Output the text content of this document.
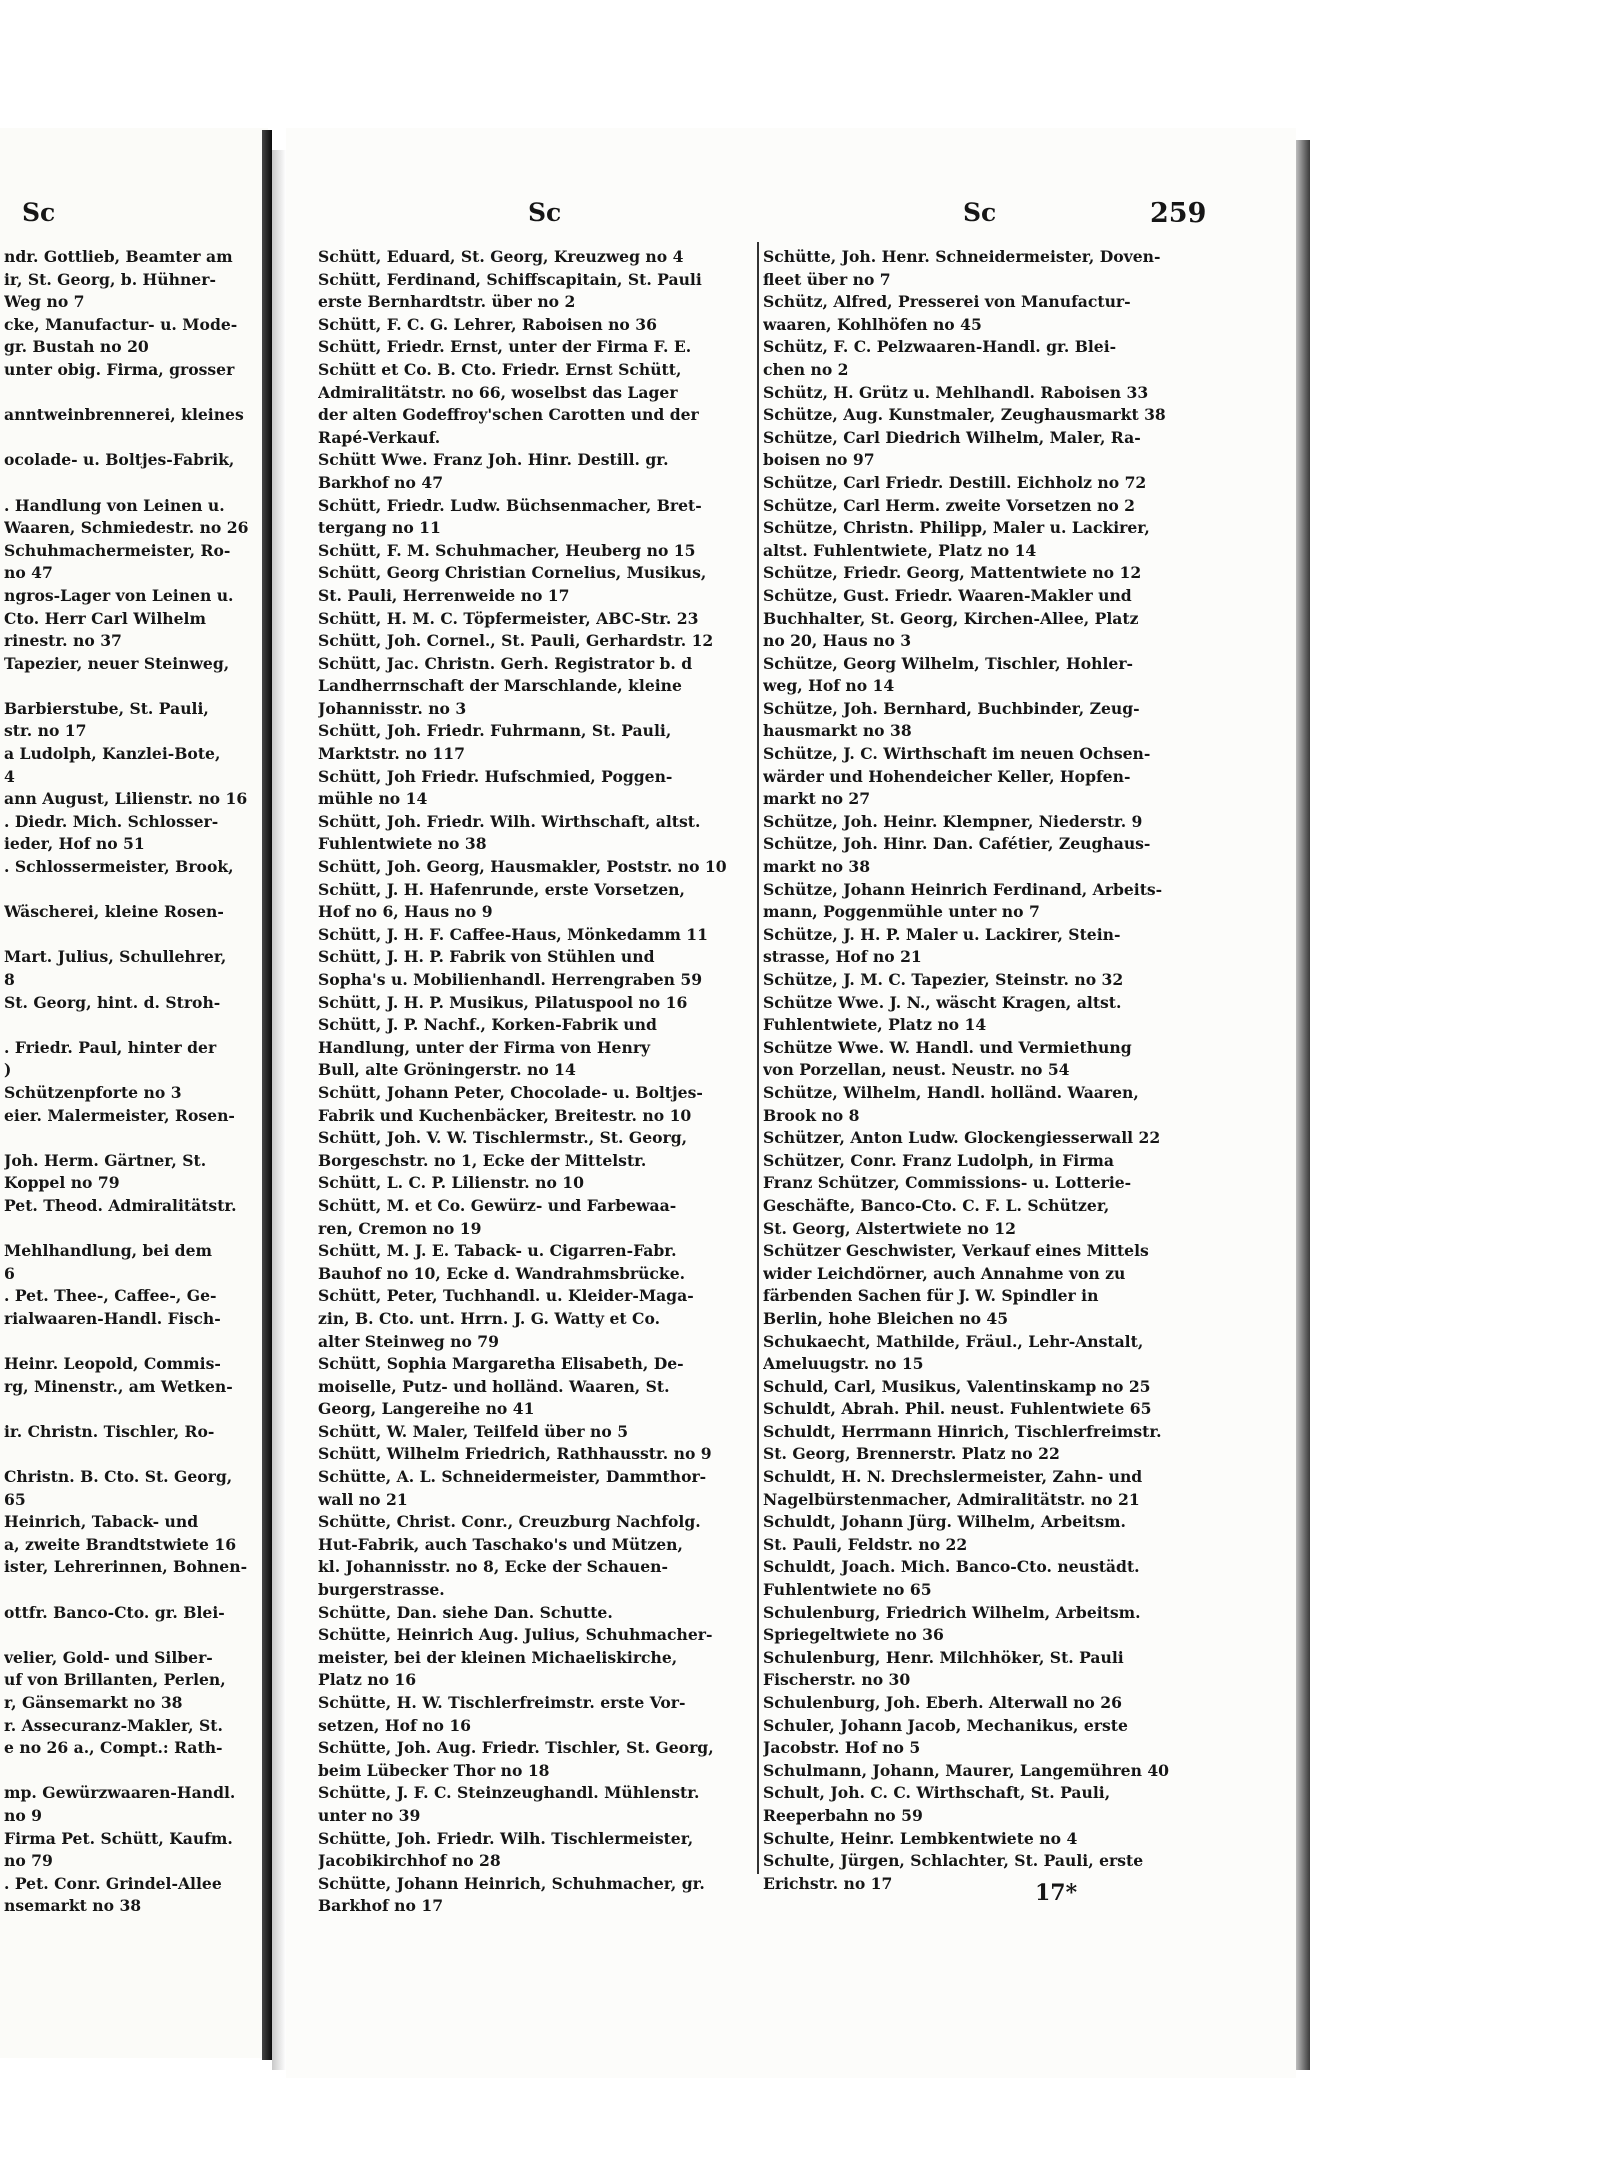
Sc
ndr. Gottlieb, Beamter am
ir, St. Georg, b. Hühner-
Weg no 7
cke, Manufactur- u. Mode-
gr. Bustah no 20
unter obig. Firma, grosser
anntweinbrennerei, kleines
ocolade- u. Boltjes-Fabrik,
. Handlung von Leinen u.
Waaren, Schmiedestr. no 26
Schuhmachermeister, Ro-
no 47
ngros-Lager von Leinen u.
Cto. Herr Carl Wilhelm
rinestr. no 37
Tapezier, neuer Steinweg,
Barbierstube, St. Pauli,
str. no 17
a Ludolph, Kanzlei-Bote,
4
ann August, Lilienstr. no 16
. Diedr. Mich. Schlosser-
ieder, Hof no 51
. Schlossermeister, Brook,
Wäscherei, kleine Rosen-
Mart. Julius, Schullehrer,
8
St. Georg, hint. d. Stroh-
. Friedr. Paul, hinter der
)
Schützenpforte no 3
eier. Malermeister, Rosen-
Joh. Herm. Gärtner, St.
Koppel no 79
Pet. Theod. Admiralitätstr.
Mehlhandlung, bei dem
6
. Pet. Thee-, Caffee-, Ge-
rialwaaren-Handl. Fisch-
Heinr. Leopold, Commis-
rg, Minenstr., am Wetken-
ir. Christn. Tischler, Ro-
Christn. B. Cto. St. Georg,
65
Heinrich, Taback- und
a, zweite Brandtstwiete 16
ister, Lehrerinnen, Bohnen-
ottfr. Banco-Cto. gr. Blei-
velier, Gold- und Silber-
uf von Brillanten, Perlen,
r, Gänsemarkt no 38
r. Assecuranz-Makler, St.
e no 26 a., Compt.: Rath-
mp. Gewürzwaaren-Handl.
no 9
Firma Pet. Schütt, Kaufm.
no 79
. Pet. Conr. Grindel-Allee
nsemarkt no 38
Sc	Sc	259
Schütt, Eduard, St. Georg, Kreuzweg no 4
Schütt, Ferdinand, Schiffscapitain, St. Pauli
erste Bernhardtstr. über no 2
Schütt, F. C. G. Lehrer, Raboisen no 36
Schütt, Friedr. Ernst, unter der Firma F. E.
Schütt et Co. B. Cto. Friedr. Ernst Schütt,
Admiralitätstr. no 66, woselbst das Lager
der alten Godeffroy'schen Carotten und der
Rapé-Verkauf.
Schütt Wwe. Franz Joh. Hinr. Destill. gr.
Barkhof no 47
Schütt, Friedr. Ludw. Büchsenmacher, Bret-
tergang no 11
Schütt, F. M. Schuhmacher, Heuberg no 15
Schütt, Georg Christian Cornelius, Musikus,
St. Pauli, Herrenweide no 17
Schütt, H. M. C. Töpfermeister, ABC-Str. 23
Schütt, Joh. Cornel., St. Pauli, Gerhardstr. 12
Schütt, Jac. Christn. Gerh. Registrator b. d
Landherrnschaft der Marschlande, kleine
Johannisstr. no 3
Schütt, Joh. Friedr. Fuhrmann, St. Pauli,
Marktstr. no 117
Schütt, Joh Friedr. Hufschmied, Poggen-
mühle no 14
Schütt, Joh. Friedr. Wilh. Wirthschaft, altst.
Fuhlentwiete no 38
Schütt, Joh. Georg, Hausmakler, Poststr. no 10
Schütt, J. H. Hafenrunde, erste Vorsetzen,
Hof no 6, Haus no 9
Schütt, J. H. F. Caffee-Haus, Mönkedamm 11
Schütt, J. H. P. Fabrik von Stühlen und
Sopha's u. Mobilienhandl. Herrengraben 59
Schütt, J. H. P. Musikus, Pilatuspool no 16
Schütt, J. P. Nachf., Korken-Fabrik und
Handlung, unter der Firma von Henry
Bull, alte Gröningerstr. no 14
Schütt, Johann Peter, Chocolade- u. Boltjes-
Fabrik und Kuchenbäcker, Breitestr. no 10
Schütt, Joh. V. W. Tischlermstr., St. Georg,
Borgeschstr. no 1, Ecke der Mittelstr.
Schütt, L. C. P. Lilienstr. no 10
Schütt, M. et Co. Gewürz- und Farbewaa-
ren, Cremon no 19
Schütt, M. J. E. Taback- u. Cigarren-Fabr.
Bauhof no 10, Ecke d. Wandrahmsbrücke.
Schütt, Peter, Tuchhandl. u. Kleider-Maga-
zin, B. Cto. unt. Hrrn. J. G. Watty et Co.
alter Steinweg no 79
Schütt, Sophia Margaretha Elisabeth, De-
moiselle, Putz- und holländ. Waaren, St.
Georg, Langereihe no 41
Schütt, W. Maler, Teilfeld über no 5
Schütt, Wilhelm Friedrich, Rathhausstr. no 9
Schütte, A. L. Schneidermeister, Dammthor-
wall no 21
Schütte, Christ. Conr., Creuzburg Nachfolg.
Hut-Fabrik, auch Taschako's und Mützen,
kl. Johannisstr. no 8, Ecke der Schauen-
burgerstrasse.
Schütte, Dan. siehe Dan. Schutte.
Schütte, Heinrich Aug. Julius, Schuhmacher-
meister, bei der kleinen Michaeliskirche,
Platz no 16
Schütte, H. W. Tischlerfreimstr. erste Vor-
setzen, Hof no 16
Schütte, Joh. Aug. Friedr. Tischler, St. Georg,
beim Lübecker Thor no 18
Schütte, J. F. C. Steinzeughandl. Mühlenstr.
unter no 39
Schütte, Joh. Friedr. Wilh. Tischlermeister,
Jacobikirchhof no 28
Schütte, Johann Heinrich, Schuhmacher, gr.
Barkhof no 17
Schütte, Joh. Henr. Schneidermeister, Doven-
fleet über no 7
Schütz, Alfred, Presserei von Manufactur-
waaren, Kohlhöfen no 45
Schütz, F. C. Pelzwaaren-Handl. gr. Blei-
chen no 2
Schütz, H. Grütz u. Mehlhandl. Raboisen 33
Schütze, Aug. Kunstmaler, Zeughausmarkt 38
Schütze, Carl Diedrich Wilhelm, Maler, Ra-
boisen no 97
Schütze, Carl Friedr. Destill. Eichholz no 72
Schütze, Carl Herm. zweite Vorsetzen no 2
Schütze, Christn. Philipp, Maler u. Lackirer,
altst. Fuhlentwiete, Platz no 14
Schütze, Friedr. Georg, Mattentwiete no 12
Schütze, Gust. Friedr. Waaren-Makler und
Buchhalter, St. Georg, Kirchen-Allee, Platz
no 20, Haus no 3
Schütze, Georg Wilhelm, Tischler, Hohler-
weg, Hof no 14
Schütze, Joh. Bernhard, Buchbinder, Zeug-
hausmarkt no 38
Schütze, J. C. Wirthschaft im neuen Ochsen-
wärder und Hohendeicher Keller, Hopfen-
markt no 27
Schütze, Joh. Heinr. Klempner, Niederstr. 9
Schütze, Joh. Hinr. Dan. Cafétier, Zeughaus-
markt no 38
Schütze, Johann Heinrich Ferdinand, Arbeits-
mann, Poggenmühle unter no 7
Schütze, J. H. P. Maler u. Lackirer, Stein-
strasse, Hof no 21
Schütze, J. M. C. Tapezier, Steinstr. no 32
Schütze Wwe. J. N., wäscht Kragen, altst.
Fuhlentwiete, Platz no 14
Schütze Wwe. W. Handl. und Vermiethung
von Porzellan, neust. Neustr. no 54
Schütze, Wilhelm, Handl. holländ. Waaren,
Brook no 8
Schützer, Anton Ludw. Glockengiesserwall 22
Schützer, Conr. Franz Ludolph, in Firma
Franz Schützer, Commissions- u. Lotterie-
Geschäfte, Banco-Cto. C. F. L. Schützer,
St. Georg, Alstertwiete no 12
Schützer Geschwister, Verkauf eines Mittels
wider Leichdörner, auch Annahme von zu
färbenden Sachen für J. W. Spindler in
Berlin, hohe Bleichen no 45
Schukaecht, Mathilde, Fräul., Lehr-Anstalt,
Ameluugstr. no 15
Schuld, Carl, Musikus, Valentinskamp no 25
Schuldt, Abrah. Phil. neust. Fuhlentwiete 65
Schuldt, Herrmann Hinrich, Tischlerfreimstr.
St. Georg, Brennerstr. Platz no 22
Schuldt, H. N. Drechslermeister, Zahn- und
Nagelbürstenmacher, Admiralitätstr. no 21
Schuldt, Johann Jürg. Wilhelm, Arbeitsm.
St. Pauli, Feldstr. no 22
Schuldt, Joach. Mich. Banco-Cto. neustädt.
Fuhlentwiete no 65
Schulenburg, Friedrich Wilhelm, Arbeitsm.
Spriegeltwiete no 36
Schulenburg, Henr. Milchhöker, St. Pauli
Fischerstr. no 30
Schulenburg, Joh. Eberh. Alterwall no 26
Schuler, Johann Jacob, Mechanikus, erste
Jacobstr. Hof no 5
Schulmann, Johann, Maurer, Langemühren 40
Schult, Joh. C. C. Wirthschaft, St. Pauli,
Reeperbahn no 59
Schulte, Heinr. Lembkentwiete no 4
Schulte, Jürgen, Schlachter, St. Pauli, erste
Erichstr. no 17	17*
